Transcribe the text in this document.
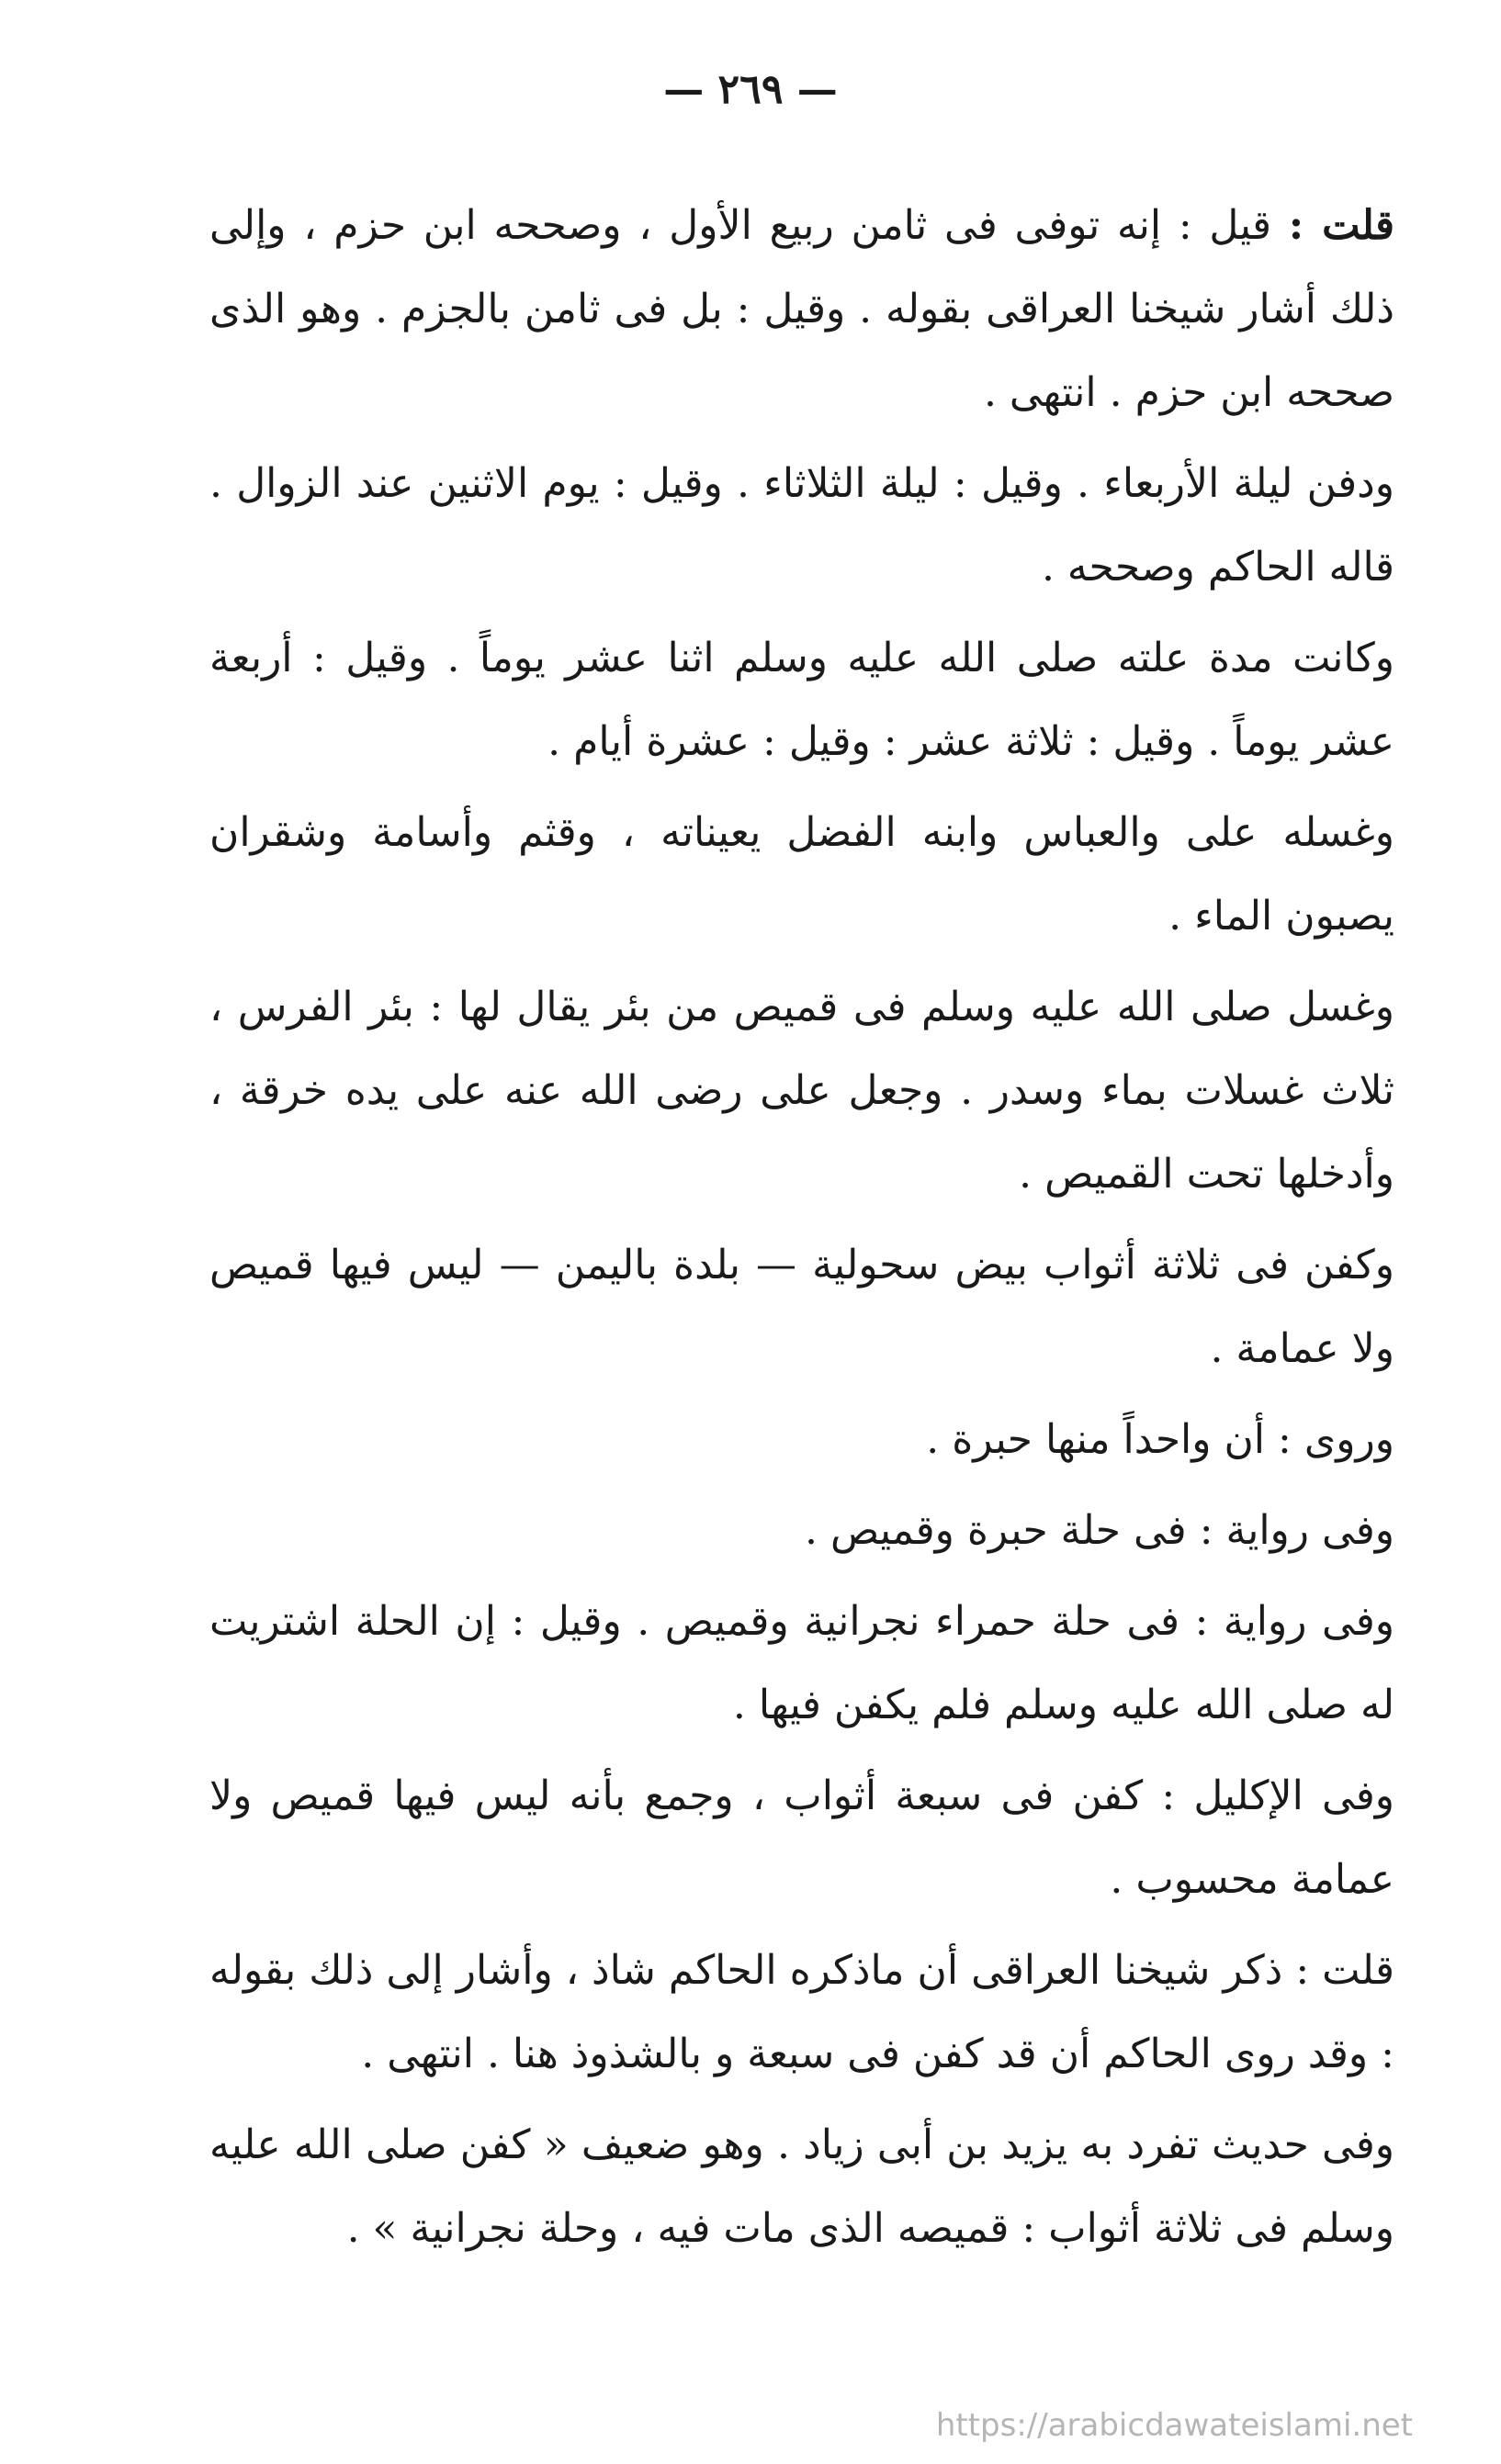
— ٢٦٩ —

قلت : قيل : إنه توفى فى ثامن ربيع الأول ، وصححه ابن حزم ، وإلى ذلك أشار شيخنا العراقى بقوله . وقيل : بل فى ثامن بالجزم . وهو الذى صححه ابن حزم . انتهى .

ودفن ليلة الأربعاء . وقيل : ليلة الثلاثاء . وقيل : يوم الاثنين عند الزوال . قاله الحاكم وصححه .

وكانت مدة علته صلى الله عليه وسلم اثنا عشر يوماً . وقيل : أربعة عشر يوماً . وقيل : ثلاثة عشر : وقيل : عشرة أيام .

وغسله على والعباس وابنه الفضل يعيناته ، وقثم وأسامة وشقران يصبون الماء .

وغسل صلى الله عليه وسلم فى قميص من بئر يقال لها : بئر الفرس ، ثلاث غسلات بماء وسدر . وجعل على رضى الله عنه على يده خرقة ، وأدخلها تحت القميص .

وكفن فى ثلاثة أثواب بيض سحولية — بلدة باليمن — ليس فيها قميص ولا عمامة .

وروى : أن واحداً منها حبرة .

وفى رواية : فى حلة حبرة وقميص .

وفى رواية : فى حلة حمراء نجرانية وقميص . وقيل : إن الحلة اشتريت له صلى الله عليه وسلم فلم يكفن فيها .

وفى الإكليل : كفن فى سبعة أثواب ، وجمع بأنه ليس فيها قميص ولا عمامة محسوب .

قلت : ذكر شيخنا العراقى أن ماذكره الحاكم شاذ ، وأشار إلى ذلك بقوله : وقد روى الحاكم أن قد كفن فى سبعة و بالشذوذ هنا . انتهى .

وفى حديث تفرد به يزيد بن أبى زياد . وهو ضعيف « كفن صلى الله عليه وسلم فى ثلاثة أثواب : قميصه الذى مات فيه ، وحلة نجرانية » .

https://arabicdawateislami.net
